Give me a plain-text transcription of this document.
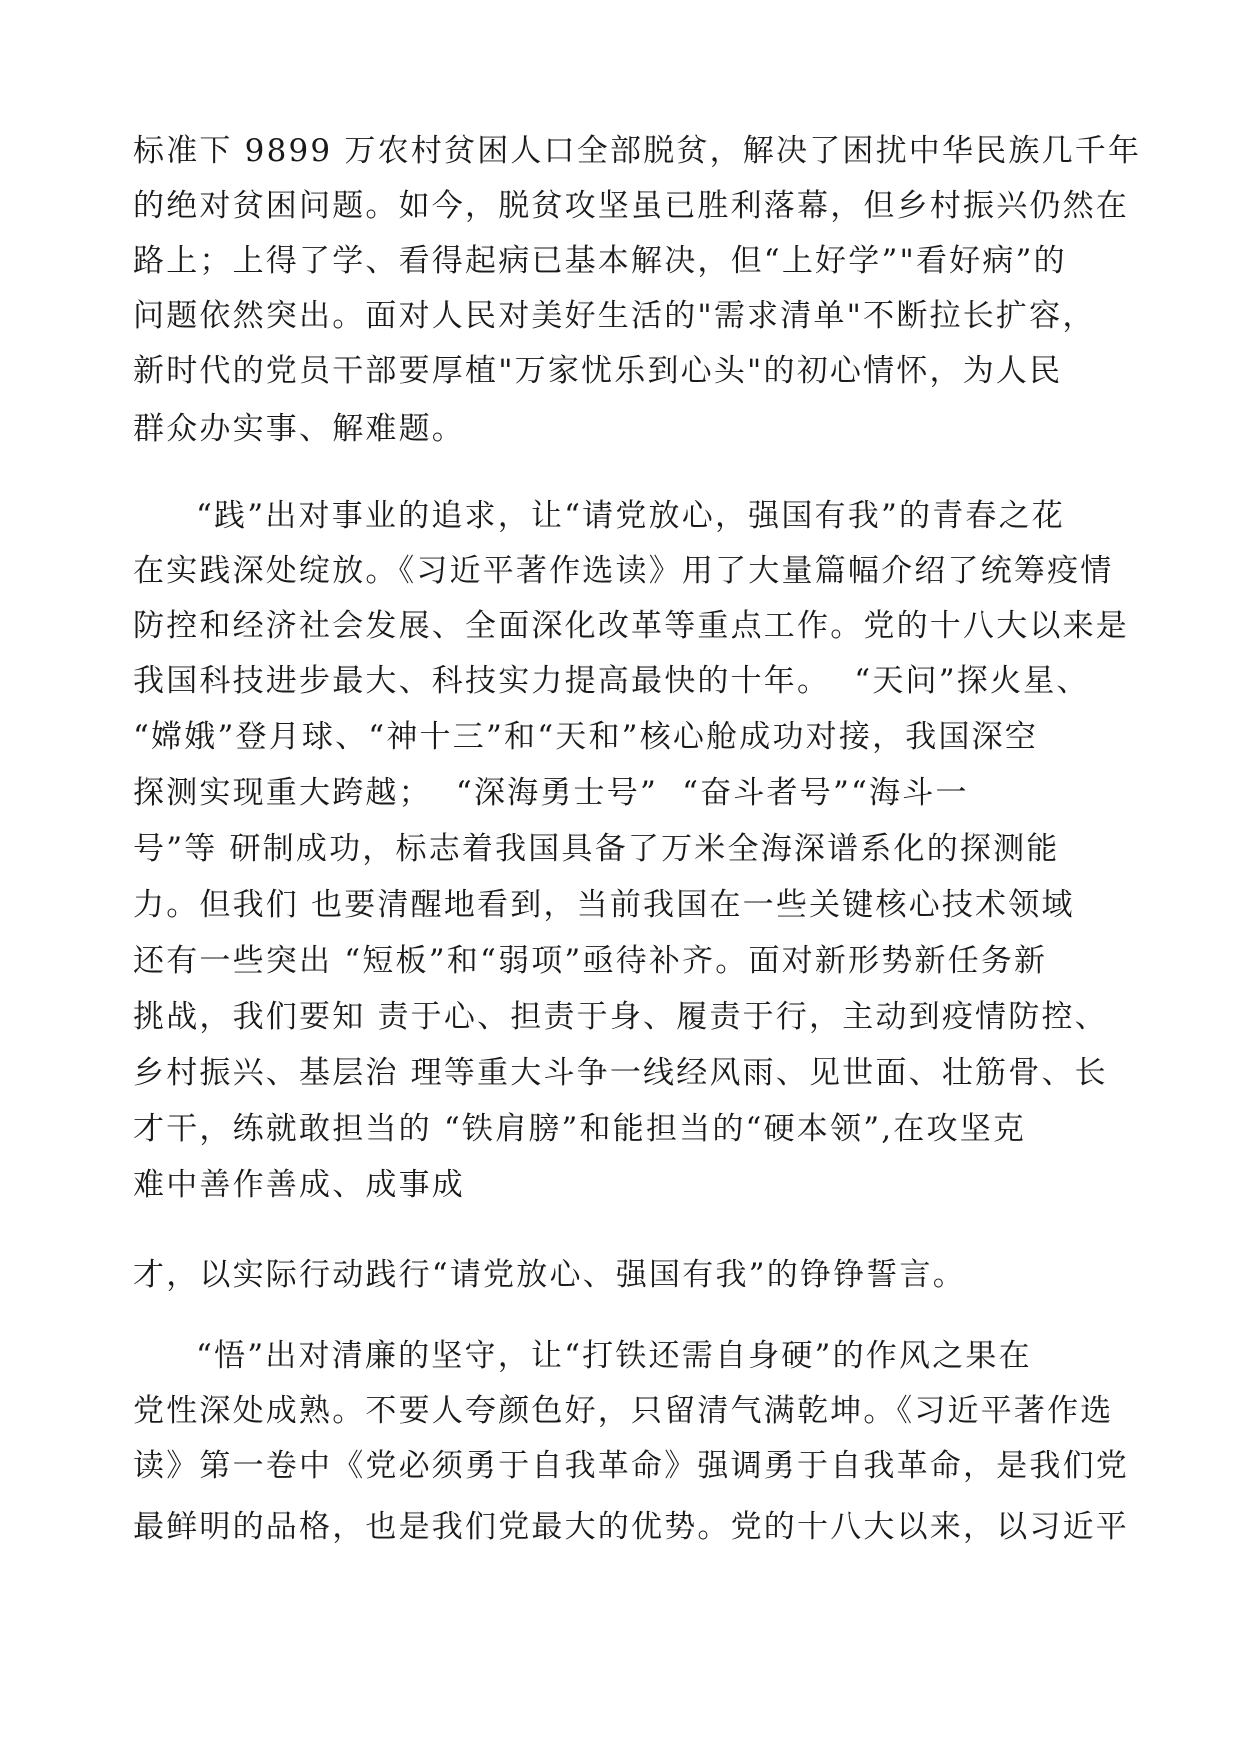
标准下 9899 万农村贫困人口全部脱贫，解决了困扰中华民族几千年
的绝对贫困问题。如今，脱贫攻坚虽已胜利落幕，但乡村振兴仍然在
路上；上得了学、看得起病已基本解决，但“上好学”"看好病”的
问题依然突出。面对人民对美好生活的"需求清单"不断拉长扩容，
新时代的党员干部要厚植"万家忧乐到心头"的初心情怀，为人民
群众办实事、解难题。
“践”出对事业的追求，让“请党放心，强国有我”的青春之花
在实践深处绽放。《习近平著作选读》用了大量篇幅介绍了统筹疫情
防控和经济社会发展、全面深化改革等重点工作。党的十八大以来是
我国科技进步最大、科技实力提高最快的十年。  “天问”探火星、
“嫦娥”登月球、“神十三”和“天和”核心舱成功对接，我国深空
探测实现重大跨越；  “深海勇士号”  “奋斗者号”“海斗一
号”等 研制成功，标志着我国具备了万米全海深谱系化的探测能
力。但我们 也要清醒地看到，当前我国在一些关键核心技术领域
还有一些突出 “短板”和“弱项”亟待补齐。面对新形势新任务新
挑战，我们要知 责于心、担责于身、履责于行，主动到疫情防控、
乡村振兴、基层治 理等重大斗争一线经风雨、见世面、壮筋骨、长
才干，练就敢担当的 “铁肩膀”和能担当的“硬本领”,在攻坚克
难中善作善成、成事成
才，以实际行动践行“请党放心、强国有我”的铮铮誓言。
“悟”出对清廉的坚守，让“打铁还需自身硬”的作风之果在
党性深处成熟。不要人夸颜色好，只留清气满乾坤。《习近平著作选
读》第一卷中《党必须勇于自我革命》强调勇于自我革命，是我们党
最鲜明的品格，也是我们党最大的优势。党的十八大以来，以习近平
